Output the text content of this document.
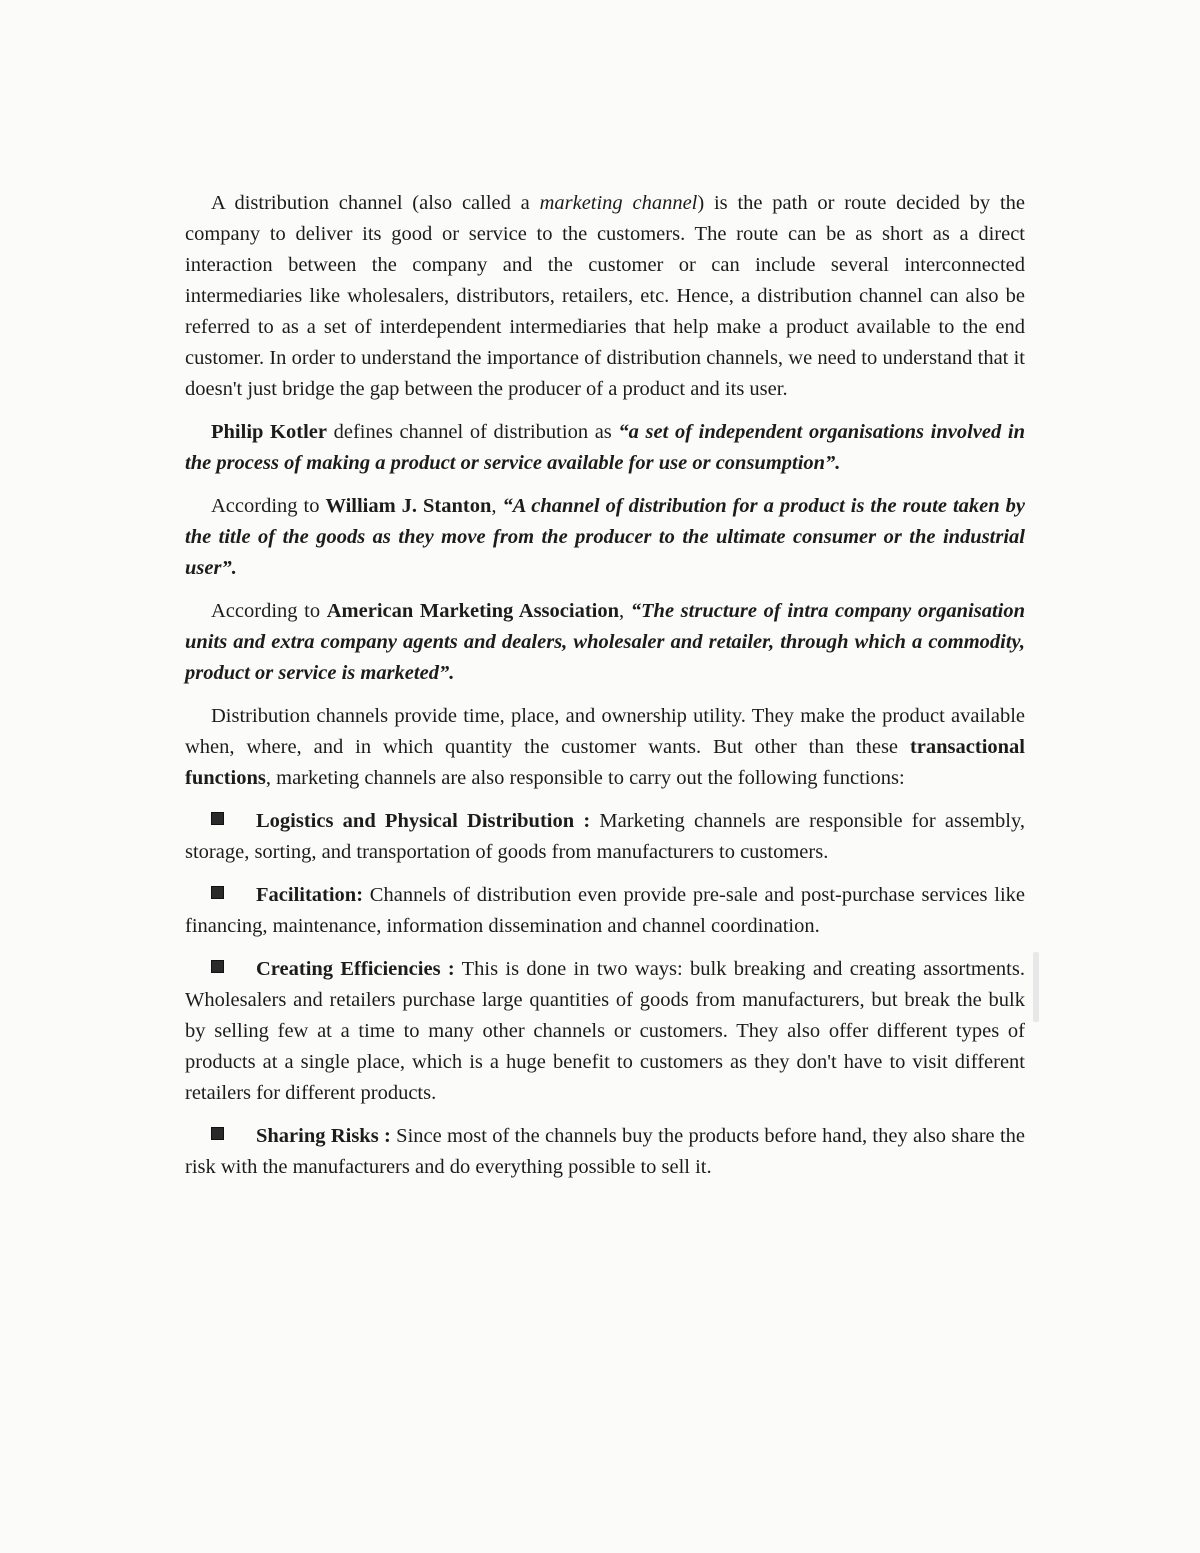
A distribution channel (also called a marketing channel) is the path or route decided by the company to deliver its good or service to the customers. The route can be as short as a direct interaction between the company and the customer or can include several interconnected intermediaries like wholesalers, distributors, retailers, etc. Hence, a distribution channel can also be referred to as a set of interdependent intermediaries that help make a product available to the end customer. In order to understand the importance of distribution channels, we need to understand that it doesn't just bridge the gap between the producer of a product and its user.

Philip Kotler defines channel of distribution as “a set of independent organisations involved in the process of making a product or service available for use or consumption”.

According to William J. Stanton, “A channel of distribution for a product is the route taken by the title of the goods as they move from the producer to the ultimate consumer or the industrial user”.

According to American Marketing Association, “The structure of intra company organisation units and extra company agents and dealers, wholesaler and retailer, through which a commodity, product or service is marketed”.

Distribution channels provide time, place, and ownership utility. They make the product available when, where, and in which quantity the customer wants. But other than these transactional functions, marketing channels are also responsible to carry out the following functions:

Logistics and Physical Distribution : Marketing channels are responsible for assembly, storage, sorting, and transportation of goods from manufacturers to customers.
Facilitation: Channels of distribution even provide pre-sale and post-purchase services like financing, maintenance, information dissemination and channel coordination.
Creating Efficiencies : This is done in two ways: bulk breaking and creating assortments. Wholesalers and retailers purchase large quantities of goods from manufacturers, but break the bulk by selling few at a time to many other channels or customers. They also offer different types of products at a single place, which is a huge benefit to customers as they don't have to visit different retailers for different products.
Sharing Risks : Since most of the channels buy the products before hand, they also share the risk with the manufacturers and do everything possible to sell it.
